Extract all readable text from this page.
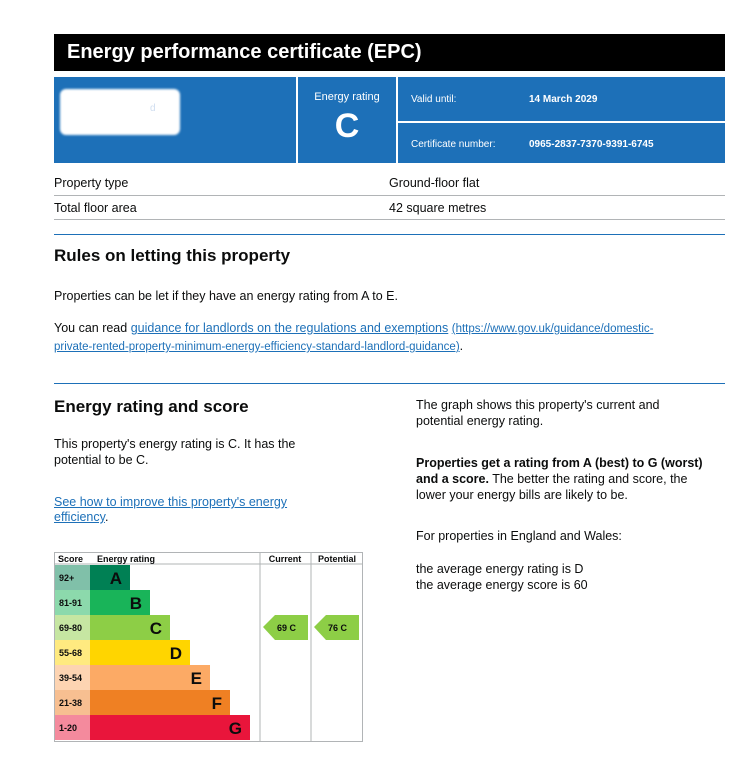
Energy performance certificate (EPC)
d
Energy rating
C
Valid until:	14 March 2029
Certificate number:	0965-2837-7370-9391-6745
Property type	Ground-floor flat
Total floor area	42 square metres
Rules on letting this property
Properties can be let if they have an energy rating from A to E.
You can read guidance for landlords on the regulations and exemptions (https://www.gov.uk/guidance/domestic-
private-rented-property-minimum-energy-efficiency-standard-landlord-guidance).
Energy rating and score
This property's energy rating is C. It has the
potential to be C.
See how to improve this property's energy
efficiency.
The graph shows this property's current and
potential energy rating.
Properties get a rating from A (best) to G (worst)
and a score. The better the rating and score, the
lower your energy bills are likely to be.
For properties in England and Wales:
the average energy rating is D
the average energy score is 60
Score Energy rating	Current Potential
92+ A
81-91	B
69-80	C
55-68	D
39-54	E
21-38	F
1-20	G
69 C	76 C
